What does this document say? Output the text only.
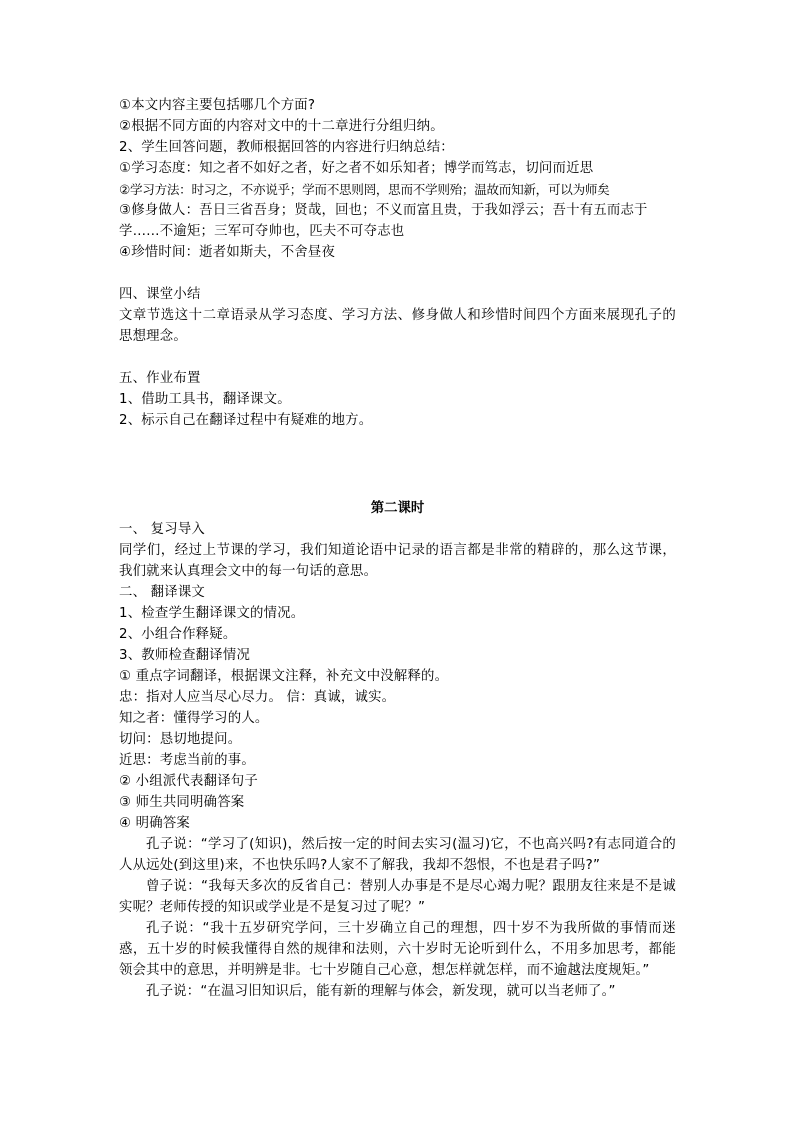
①本文内容主要包括哪几个方面?
②根据不同方面的内容对文中的十二章进行分组归纳。
2、学生回答问题，教师根据回答的内容进行归纳总结：
①学习态度：知之者不如好之者，好之者不如乐知者；博学而笃志，切问而近思
②学习方法：时习之，不亦说乎；学而不思则罔，思而不学则殆；温故而知新，可以为师矣
③修身做人：吾日三省吾身；贤哉，回也；不义而富且贵，于我如浮云；吾十有五而志于
学……不逾矩；三军可夺帅也，匹夫不可夺志也
④珍惜时间：逝者如斯夫，不舍昼夜
四、课堂小结
文章节选这十二章语录从学习态度、学习方法、修身做人和珍惜时间四个方面来展现孔子的思想理念。
五、作业布置
1、借助工具书，翻译课文。
2、标示自己在翻译过程中有疑难的地方。
第二课时
一、 复习导入
同学们，经过上节课的学习，我们知道论语中记录的语言都是非常的精辟的，那么这节课，我们就来认真理会文中的每一句话的意思。
二、 翻译课文
1、检查学生翻译课文的情况。
2、小组合作释疑。
3、教师检查翻译情况
① 重点字词翻译，根据课文注释，补充文中没解释的。
忠：指对人应当尽心尽力。 信：真诚，诚实。
知之者：懂得学习的人。
切问：恳切地提问。
近思：考虑当前的事。
② 小组派代表翻译句子
③ 师生共同明确答案
④ 明确答案
孔子说：“学习了(知识)，然后按一定的时间去实习(温习)它，不也高兴吗?有志同道合的人从远处(到这里)来，不也快乐吗?人家不了解我，我却不怨恨，不也是君子吗?”
曾子说：“我每天多次的反省自己：替别人办事是不是尽心竭力呢？跟朋友往来是不是诚实呢？老师传授的知识或学业是不是复习过了呢？”
孔子说：“我十五岁研究学问，三十岁确立自己的理想，四十岁不为我所做的事情而迷惑，五十岁的时候我懂得自然的规律和法则，六十岁时无论听到什么，不用多加思考，都能领会其中的意思，并明辨是非。七十岁随自己心意，想怎样就怎样，而不逾越法度规矩。”
孔子说：“在温习旧知识后，能有新的理解与体会，新发现，就可以当老师了。”
